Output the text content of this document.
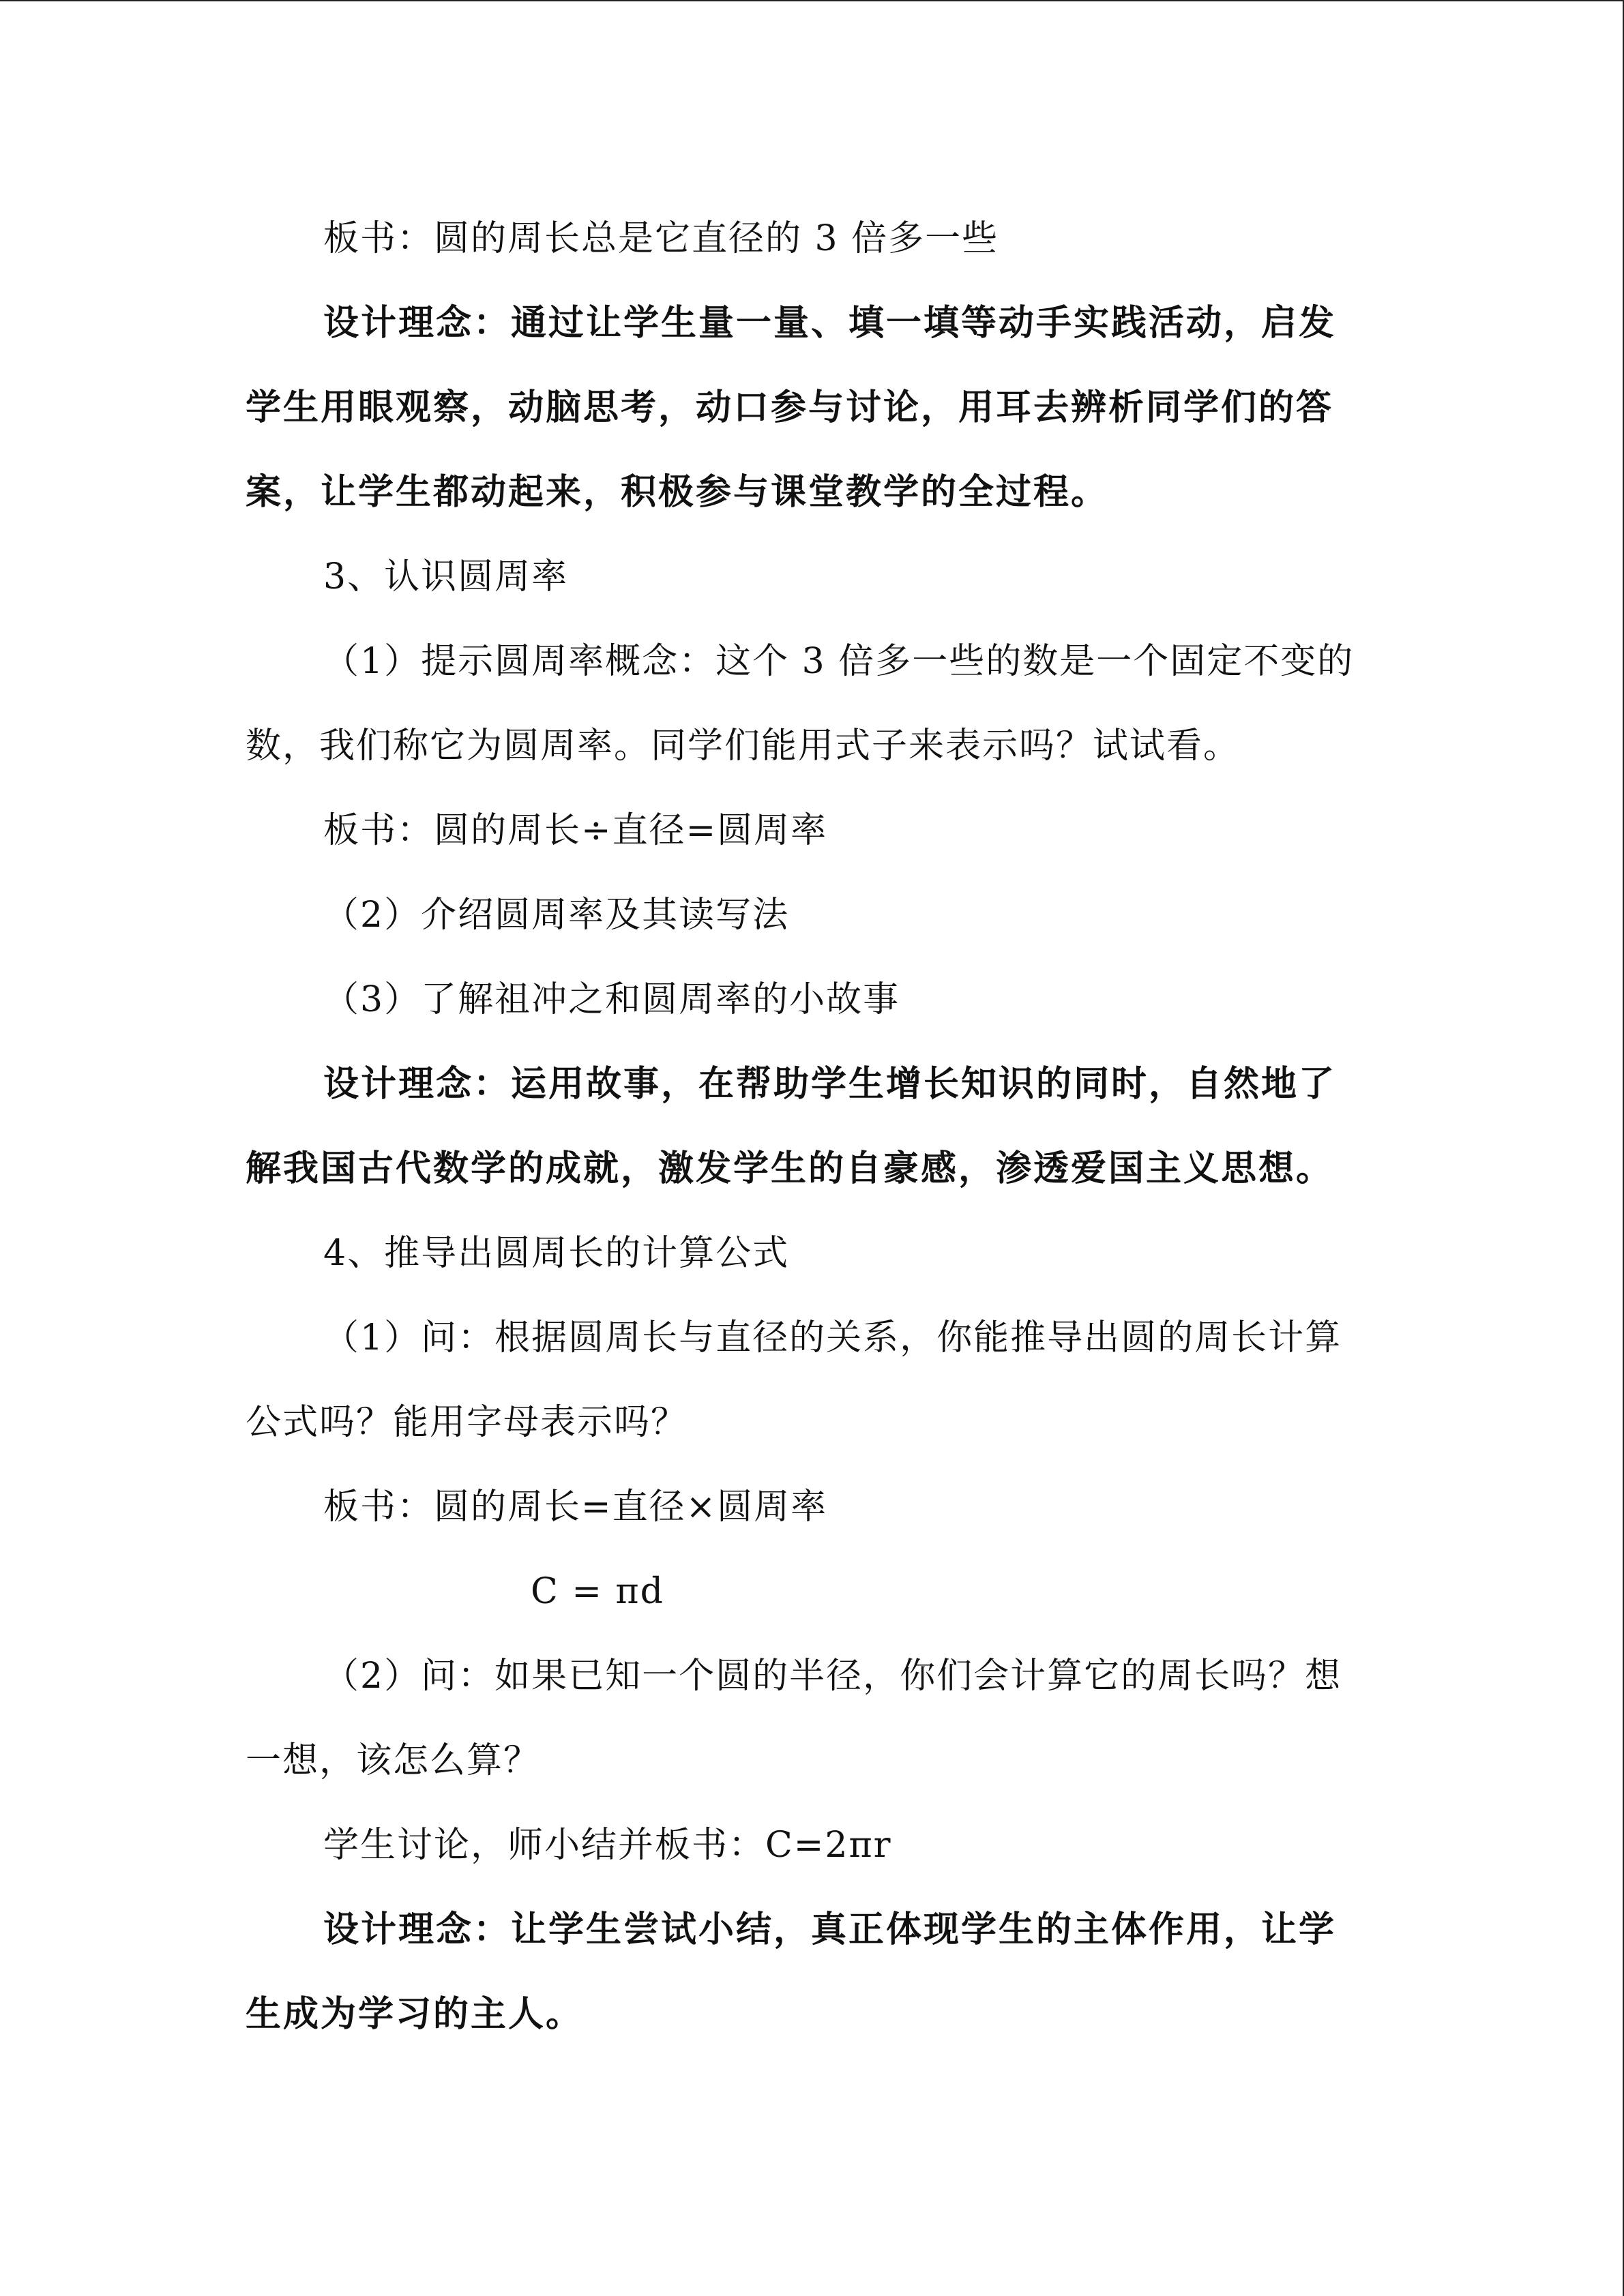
板书：圆的周长总是它直径的 3 倍多一些
设计理念：通过让学生量一量、填一填等动手实践活动，启发
学生用眼观察，动脑思考，动口参与讨论，用耳去辨析同学们的答
案，让学生都动起来，积极参与课堂教学的全过程。
3、认识圆周率
（1）提示圆周率概念：这个 3 倍多一些的数是一个固定不变的
数，我们称它为圆周率。同学们能用式子来表示吗？试试看。
板书：圆的周长÷直径=圆周率
（2）介绍圆周率及其读写法
（3）了解祖冲之和圆周率的小故事
设计理念：运用故事，在帮助学生增长知识的同时，自然地了
解我国古代数学的成就，激发学生的自豪感，渗透爱国主义思想。
4、推导出圆周长的计算公式
（1）问：根据圆周长与直径的关系，你能推导出圆的周长计算
公式吗？能用字母表示吗？
板书：圆的周长=直径×圆周率
C = πd
（2）问：如果已知一个圆的半径，你们会计算它的周长吗？想
一想，该怎么算？
学生讨论，师小结并板书：C=2πr
设计理念：让学生尝试小结，真正体现学生的主体作用，让学
生成为学习的主人。
